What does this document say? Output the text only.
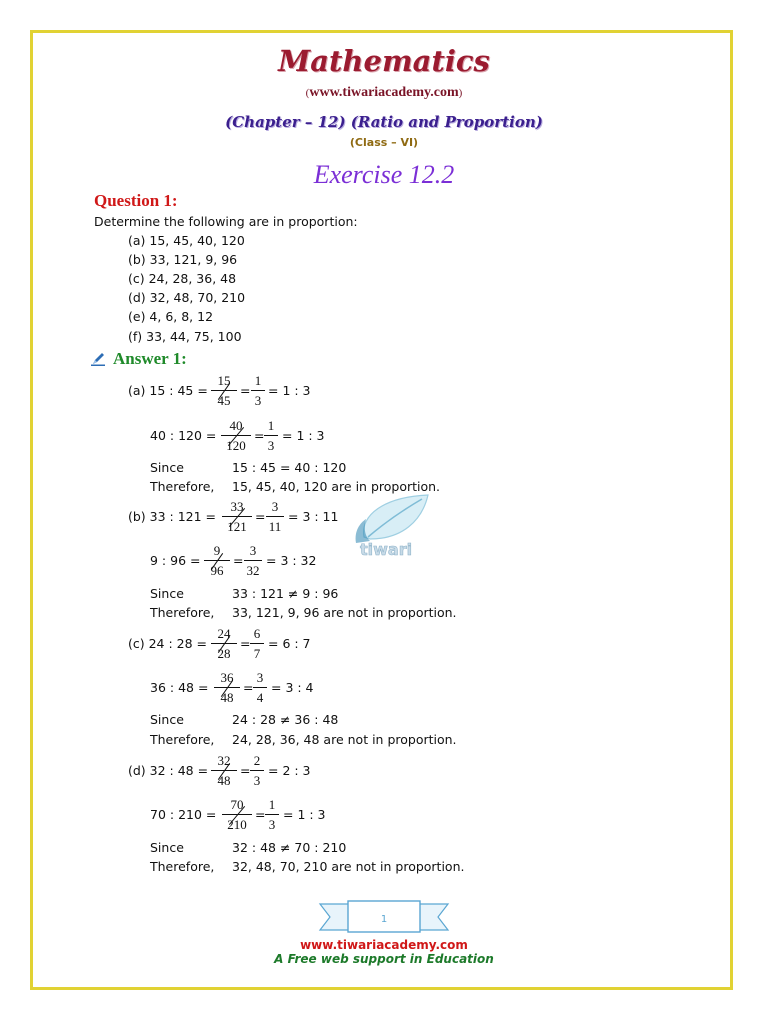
Mathematics
(www.tiwariacademy.com)
(Chapter – 12) (Ratio and Proportion)
(Class – VI)
Exercise 12.2
Question 1:
Determine the following are in proportion:
(a) 15, 45, 40, 120
(b) 33, 121, 9, 96
(c) 24, 28, 36, 48
(d) 32, 48, 70, 210
(e) 4, 6, 8, 12
(f) 33, 44, 75, 100
Answer 1:
(a) 15 : 45 =
15
45
=
1
3
= 1 : 3
40 : 120 =
40
120
=
1
3
= 1 : 3
Since	15 : 45 = 40 : 120
Therefore, 15, 45, 40, 120 are in proportion.
(b) 33 : 121 =
33
121
=
3
11
= 3 : 11
9 : 96 =
9
96
=
3
32
= 3 : 32
Since	33 : 121 ≠ 9 : 96
Therefore, 33, 121, 9, 96 are not in proportion.
(c) 24 : 28 =
24
28
=
6
7
= 6 : 7
36 : 48 =
36
48
=
3
4
= 3 : 4
Since	24 : 28 ≠ 36 : 48
Therefore, 24, 28, 36, 48 are not in proportion.
(d) 32 : 48 =
32
48
=
2
3
= 2 : 3
70 : 210 =
70
210
=
1
3
= 1 : 3
Since	32 : 48 ≠ 70 : 210
Therefore, 32, 48, 70, 210 are not in proportion.
tiwari
1
www.tiwariacademy.com
A Free web support in Education
